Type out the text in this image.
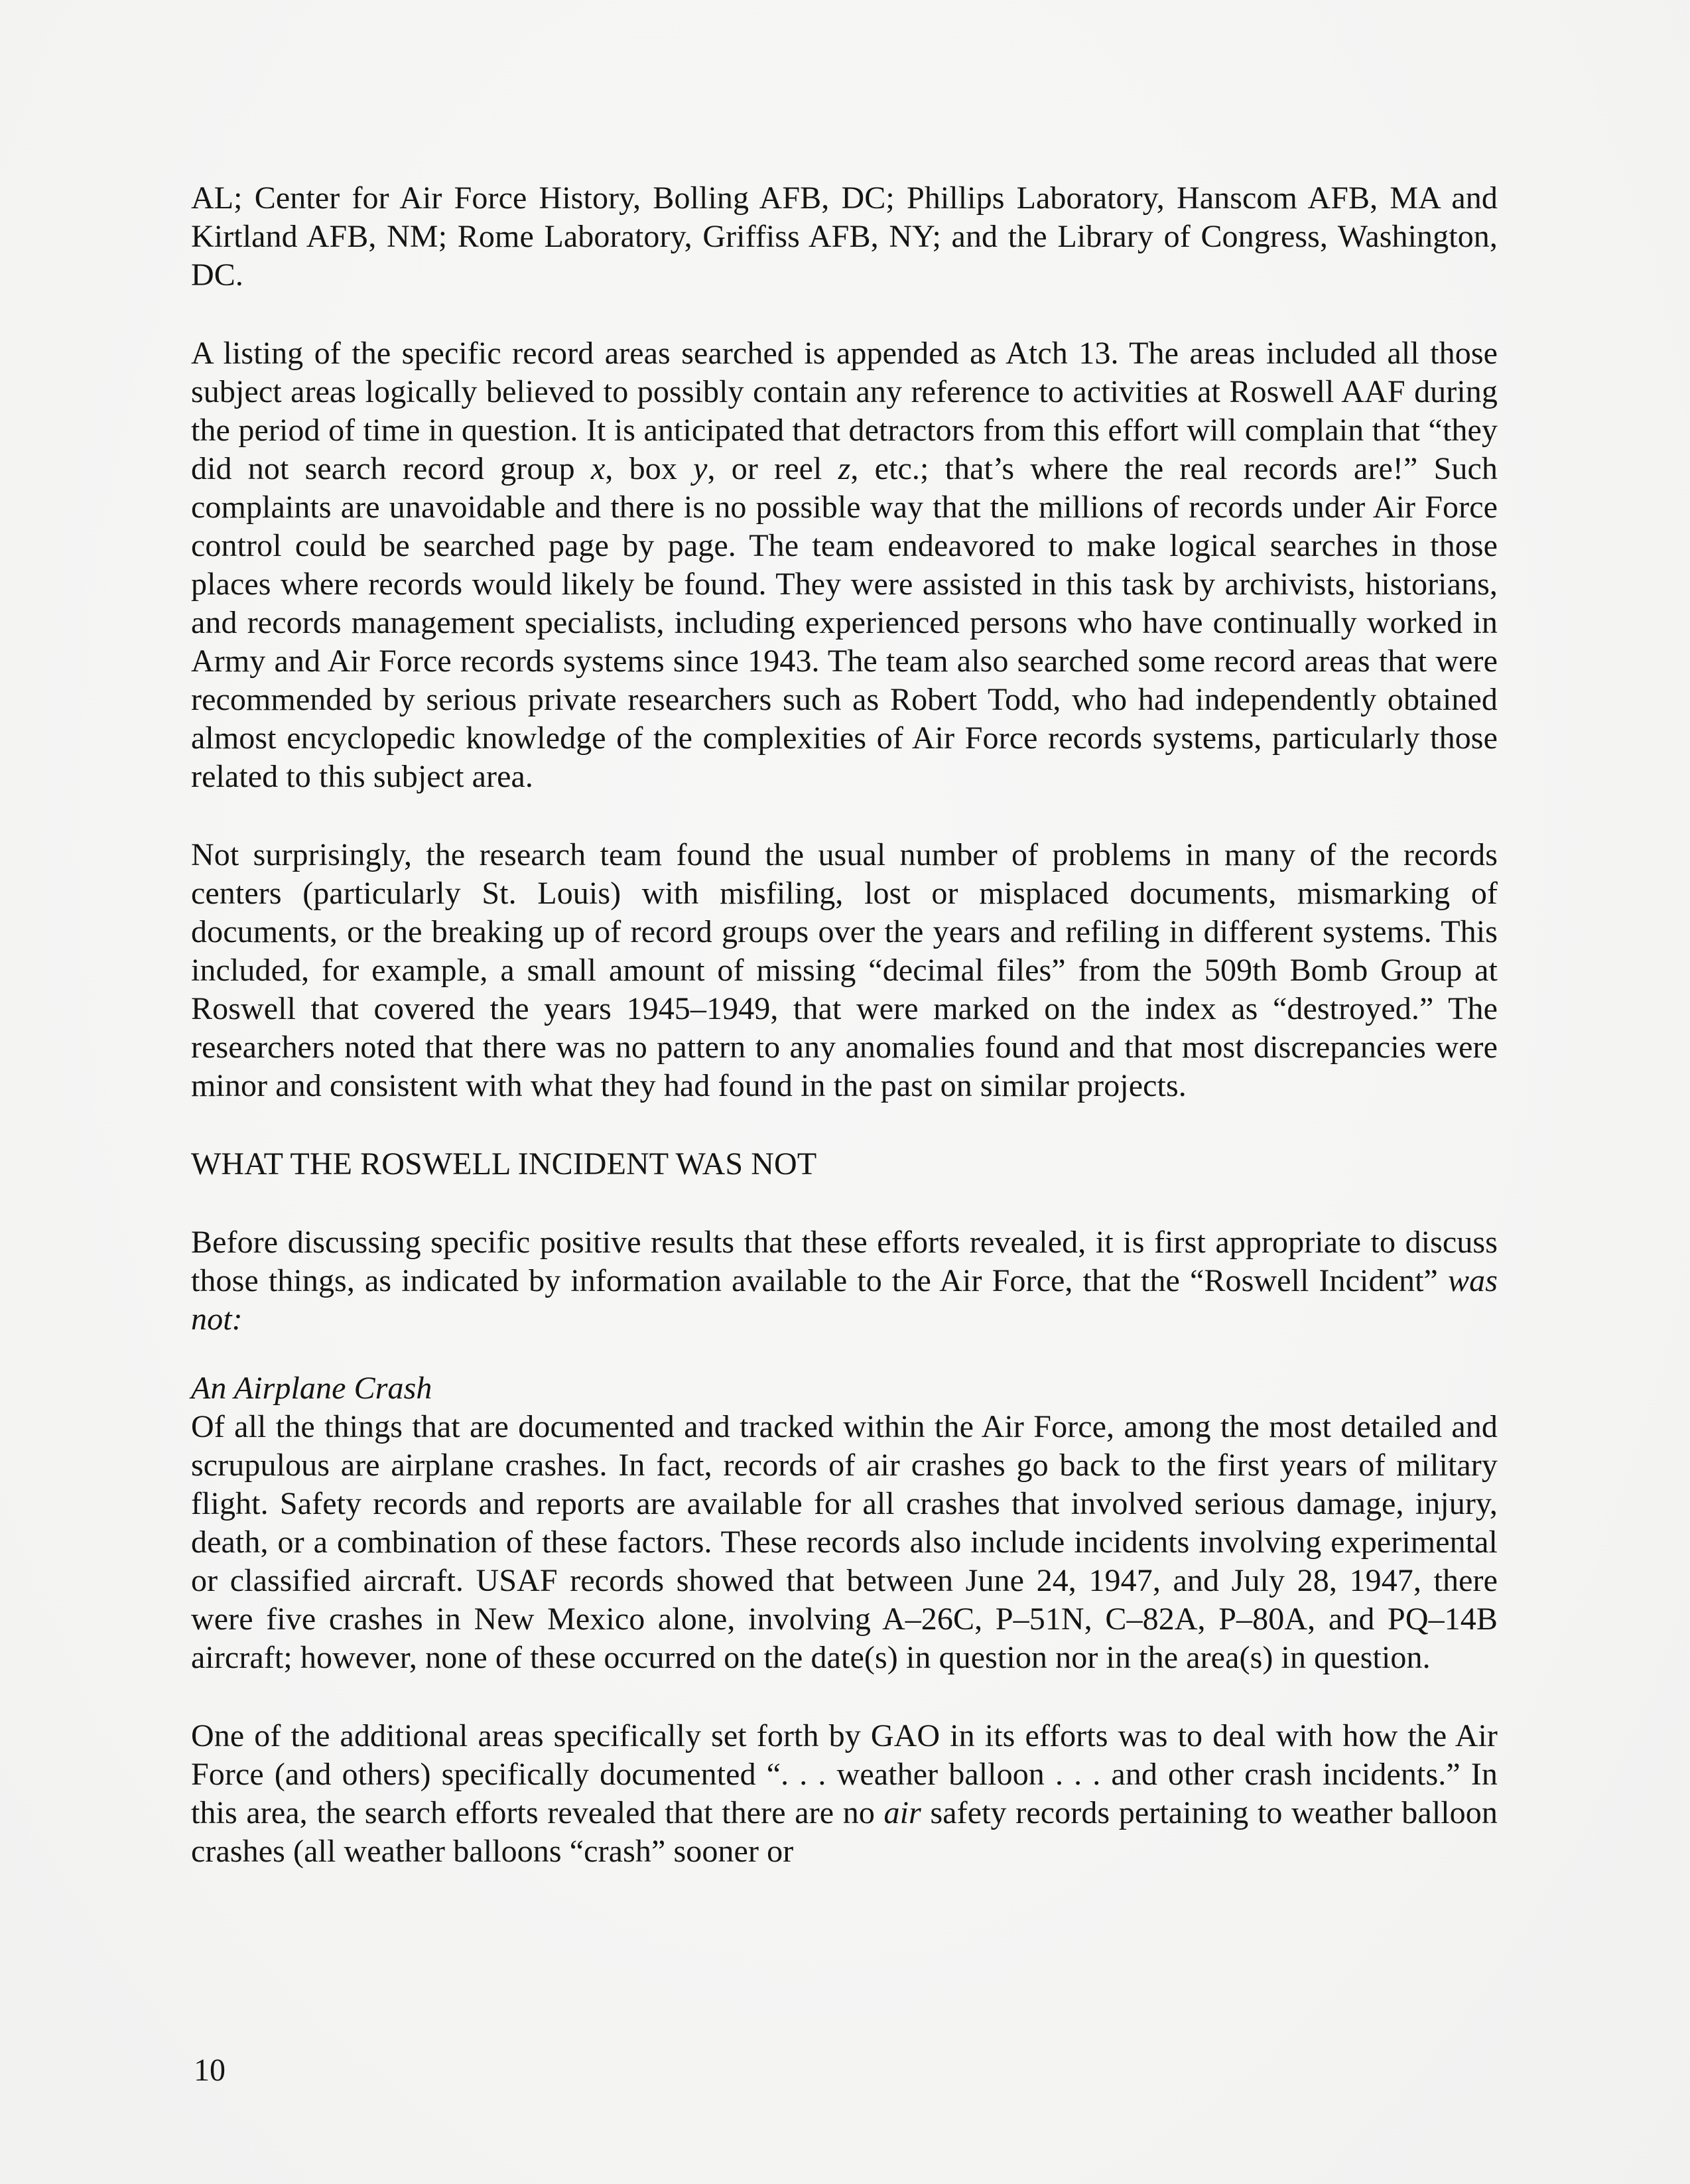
AL; Center for Air Force History, Bolling AFB, DC; Phillips Laboratory, Hanscom AFB, MA and Kirtland AFB, NM; Rome Laboratory, Griffiss AFB, NY; and the Library of Congress, Washington, DC.

A listing of the specific record areas searched is appended as Atch 13. The areas included all those subject areas logically believed to possibly contain any reference to activities at Roswell AAF during the period of time in question. It is anticipated that detractors from this effort will complain that “they did not search record group x, box y, or reel z, etc.; that’s where the real records are!” Such complaints are unavoidable and there is no possible way that the millions of records under Air Force control could be searched page by page. The team endeavored to make logical searches in those places where records would likely be found. They were assisted in this task by archivists, historians, and records management specialists, including experienced persons who have continually worked in Army and Air Force records systems since 1943. The team also searched some record areas that were recommended by serious private researchers such as Robert Todd, who had independently obtained almost encyclopedic knowledge of the complexities of Air Force records systems, particularly those related to this subject area.

Not surprisingly, the research team found the usual number of problems in many of the records centers (particularly St. Louis) with misfiling, lost or misplaced documents, mismarking of documents, or the breaking up of record groups over the years and refiling in different systems. This included, for example, a small amount of missing “decimal files” from the 509th Bomb Group at Roswell that covered the years 1945–1949, that were marked on the index as “destroyed.” The researchers noted that there was no pattern to any anomalies found and that most discrepancies were minor and consistent with what they had found in the past on similar projects.

WHAT THE ROSWELL INCIDENT WAS NOT

Before discussing specific positive results that these efforts revealed, it is first appropriate to discuss those things, as indicated by information available to the Air Force, that the “Roswell Incident” was not:

An Airplane Crash

Of all the things that are documented and tracked within the Air Force, among the most detailed and scrupulous are airplane crashes. In fact, records of air crashes go back to the first years of military flight. Safety records and reports are available for all crashes that involved serious damage, injury, death, or a combination of these factors. These records also include incidents involving experimental or classified aircraft. USAF records showed that between June 24, 1947, and July 28, 1947, there were five crashes in New Mexico alone, involving A–26C, P–51N, C–82A, P–80A, and PQ–14B aircraft; however, none of these occurred on the date(s) in question nor in the area(s) in question.

One of the additional areas specifically set forth by GAO in its efforts was to deal with how the Air Force (and others) specifically documented “. . . weather balloon . . . and other crash incidents.” In this area, the search efforts revealed that there are no air safety records pertaining to weather balloon crashes (all weather balloons “crash” sooner or

10
